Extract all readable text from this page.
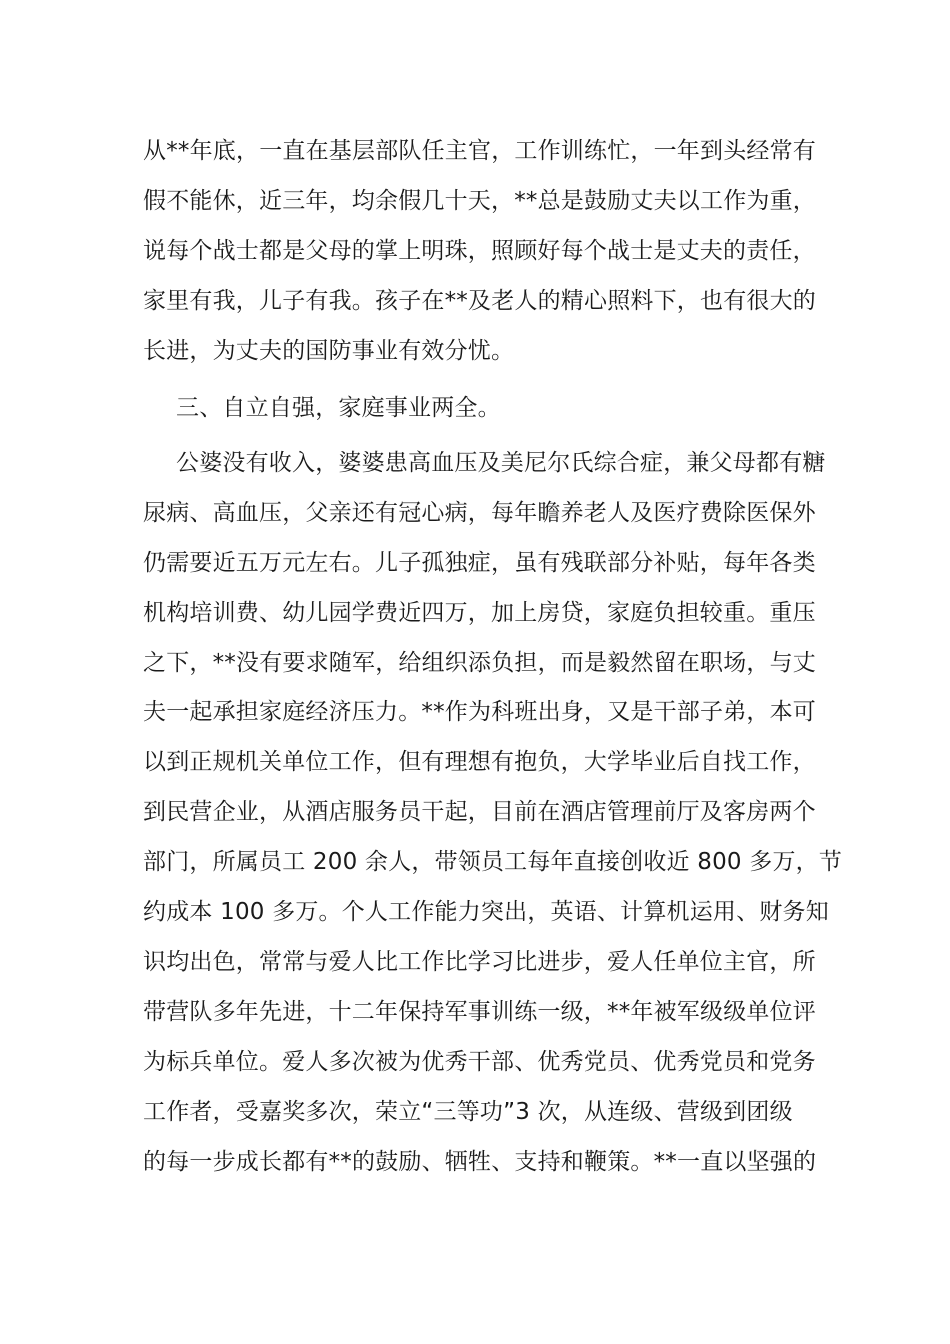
从**年底，一直在基层部队任主官，工作训练忙，一年到头经常有
假不能休，近三年，均余假几十天，**总是鼓励丈夫以工作为重，
说每个战士都是父母的掌上明珠，照顾好每个战士是丈夫的责任，
家里有我，儿子有我。孩子在**及老人的精心照料下，也有很大的
长进，为丈夫的国防事业有效分忧。
三、自立自强，家庭事业两全。
公婆没有收入，婆婆患高血压及美尼尔氏综合症，兼父母都有糖
尿病、高血压，父亲还有冠心病，每年瞻养老人及医疗费除医保外
仍需要近五万元左右。儿子孤独症，虽有残联部分补贴，每年各类
机构培训费、幼儿园学费近四万，加上房贷，家庭负担较重。重压
之下，**没有要求随军，给组织添负担，而是毅然留在职场，与丈
夫一起承担家庭经济压力。**作为科班出身，又是干部子弟，本可
以到正规机关单位工作，但有理想有抱负，大学毕业后自找工作，
到民营企业，从酒店服务员干起，目前在酒店管理前厅及客房两个
部门，所属员工 200 余人，带领员工每年直接创收近 800 多万，节
约成本 100 多万。个人工作能力突出，英语、计算机运用、财务知
识均出色，常常与爱人比工作比学习比进步，爱人任单位主官，所
带营队多年先进，十二年保持军事训练一级，**年被军级级单位评
为标兵单位。爱人多次被为优秀干部、优秀党员、优秀党员和党务
工作者，受嘉奖多次，荣立“三等功”3 次，从连级、营级到团级
的每一步成长都有**的鼓励、牺牲、支持和鞭策。**一直以坚强的
